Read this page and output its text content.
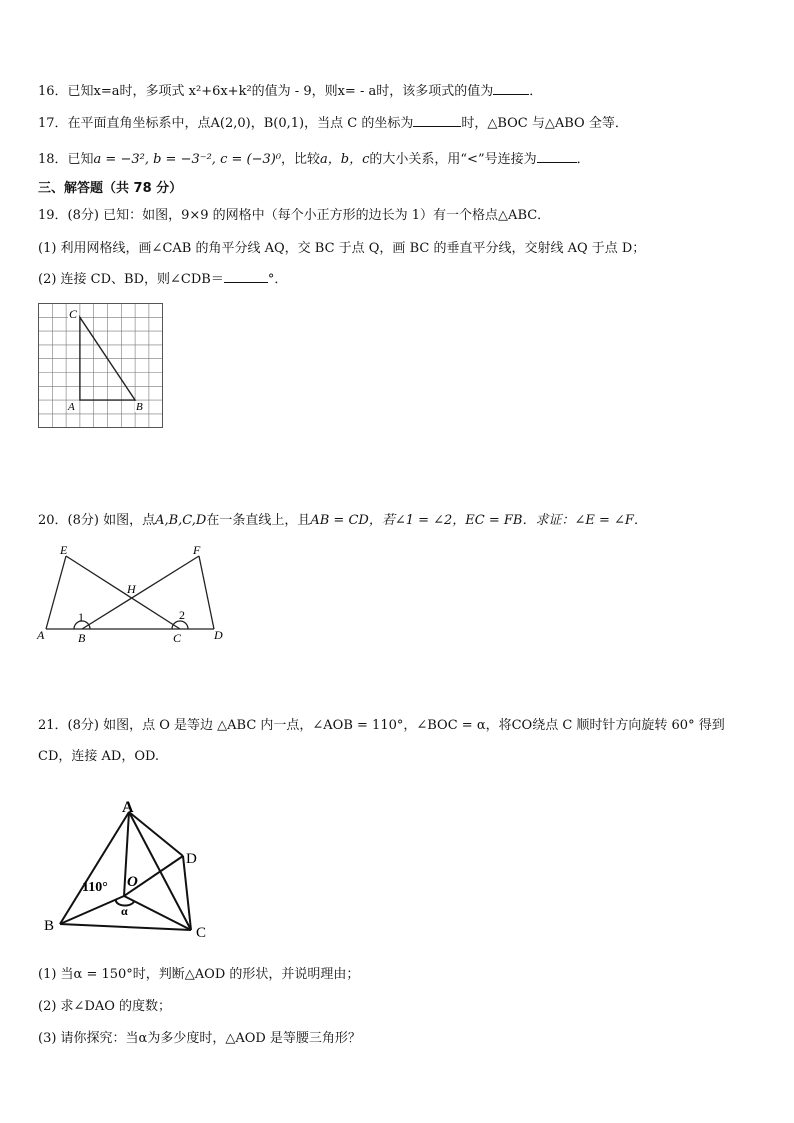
16．已知x=a时，多项式 x²+6x+k²的值为 - 9，则x= - a时，该多项式的值为	．
17．在平面直角坐标系中，点A(2,0)，B(0,1)，当点 C 的坐标为	时，△BOC 与△ABO 全等．
18．已知a = −3², b = −3⁻², c = (−3)⁰，比较a，b，c的大小关系，用“<”号连接为	．
三、解答题（共 78 分）
19．(8分) 已知：如图，9×9 的网格中（每个小正方形的边长为 1）有一个格点△ABC．
(1) 利用网格线，画∠CAB 的角平分线 AQ，交 BC 于点 Q，画 BC 的垂直平分线，交射线 AQ 于点 D；
(2) 连接 CD、BD，则∠CDB＝	°．
C
A	B
20．(8分) 如图，点A,B,C,D在一条直线上，且AB = CD，若∠1 = ∠2，EC = FB．求证：∠E = ∠F．
E	F
H
1	2
A	B	C	D
21．(8分) 如图，点 O 是等边 △ABC 内一点，∠AOB = 110°，∠BOC = α，将CO绕点 C 顺时针方向旋转 60° 得到
CD，连接 AD，OD.
A
D
110° O
α
B	C
(1) 当α = 150°时，判断△AOD 的形状，并说明理由；
(2) 求∠DAO 的度数；
(3) 请你探究：当α为多少度时，△AOD 是等腰三角形？
